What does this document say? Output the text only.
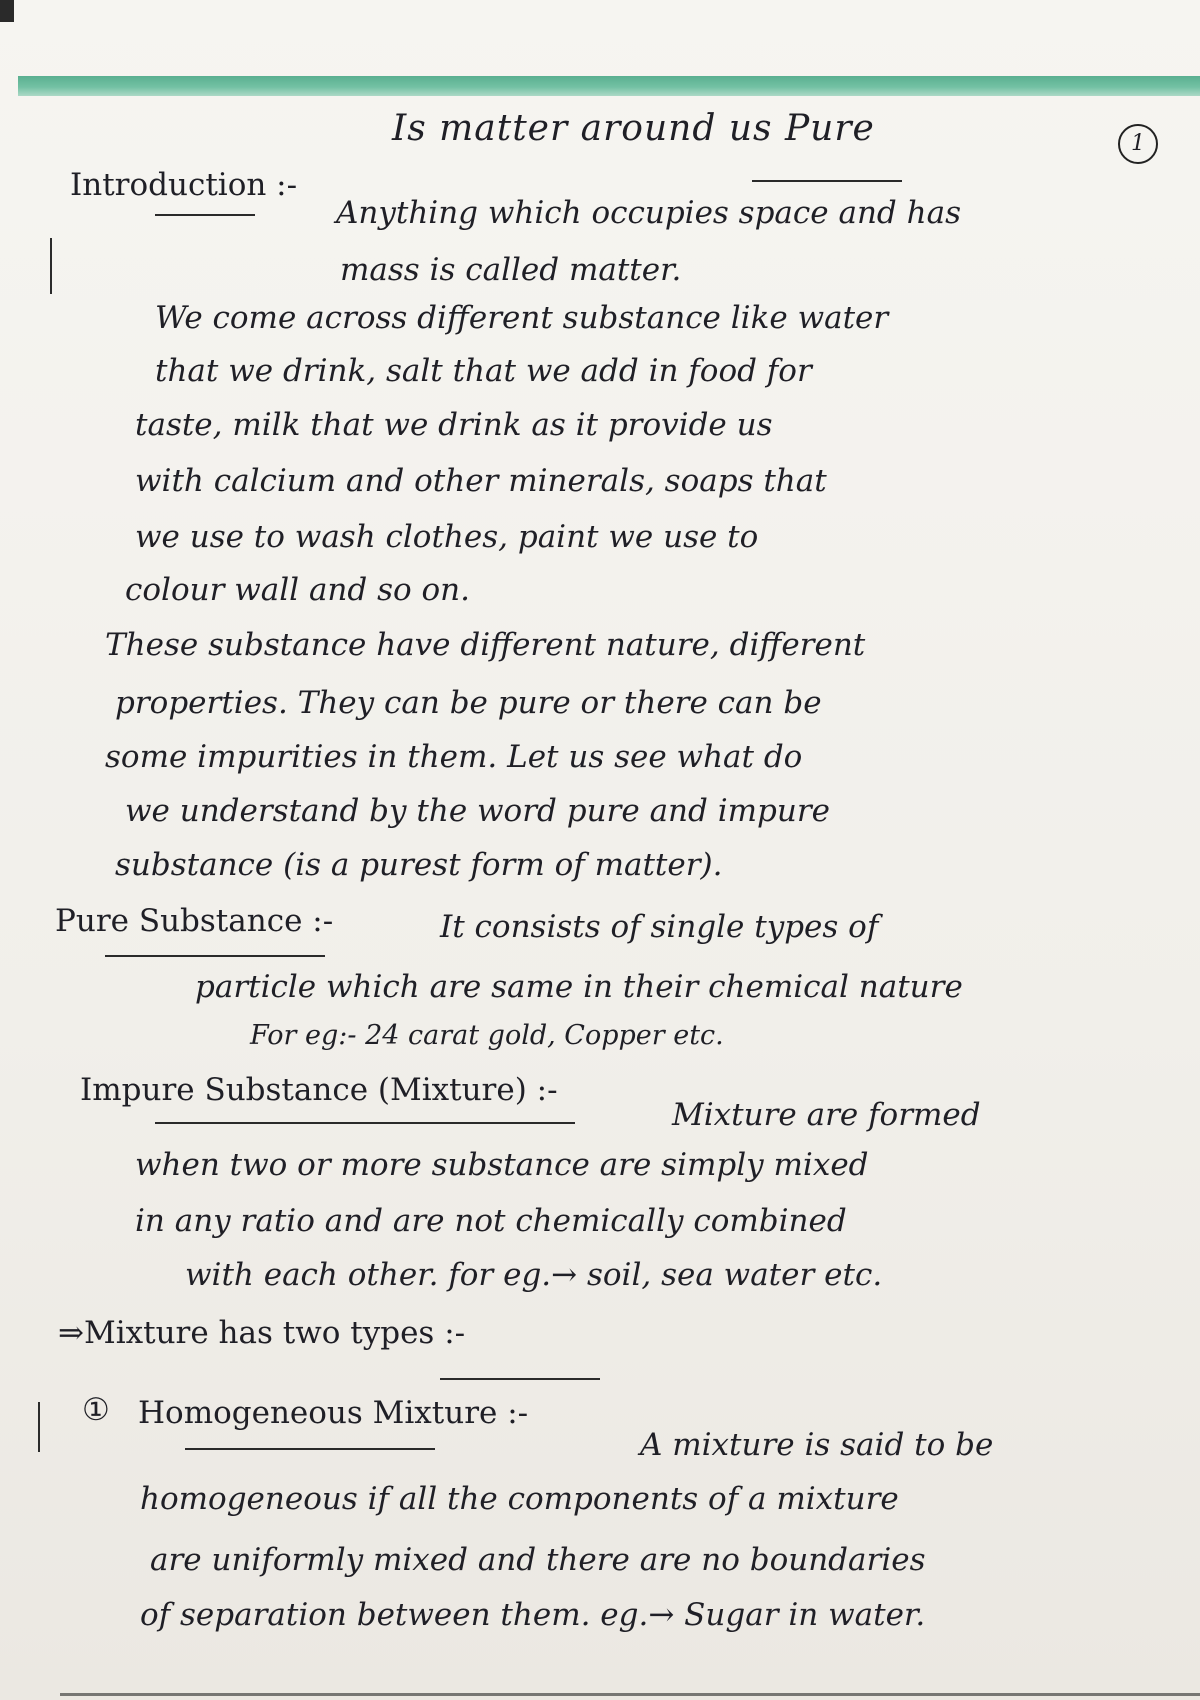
Is matter around us Pure	1
Introduction :-
Anything which occupies space and has
mass is called matter.
We come across different substance like water
that we drink, salt that we add in food for
taste, milk that we drink as it provide us
with calcium and other minerals, soaps that
we use to wash clothes, paint we use to
colour wall and so on.
These substance have different nature, different
properties. They can be pure or there can be
some impurities in them. Let us see what do
we understand by the word pure and impure
substance (is a purest form of matter).
Pure Substance :-	It consists of single types of
particle which are same in their chemical nature
For eg:- 24 carat gold, Copper etc.
Impure Substance (Mixture) :-
Mixture are formed
when two or more substance are simply mixed
in any ratio and are not chemically combined
with each other. for eg.→ soil, sea water etc.
⇒Mixture has two types :-
① Homogeneous Mixture :-
A mixture is said to be
homogeneous if all the components of a mixture
are uniformly mixed and there are no boundaries
of separation between them. eg.→ Sugar in water.
